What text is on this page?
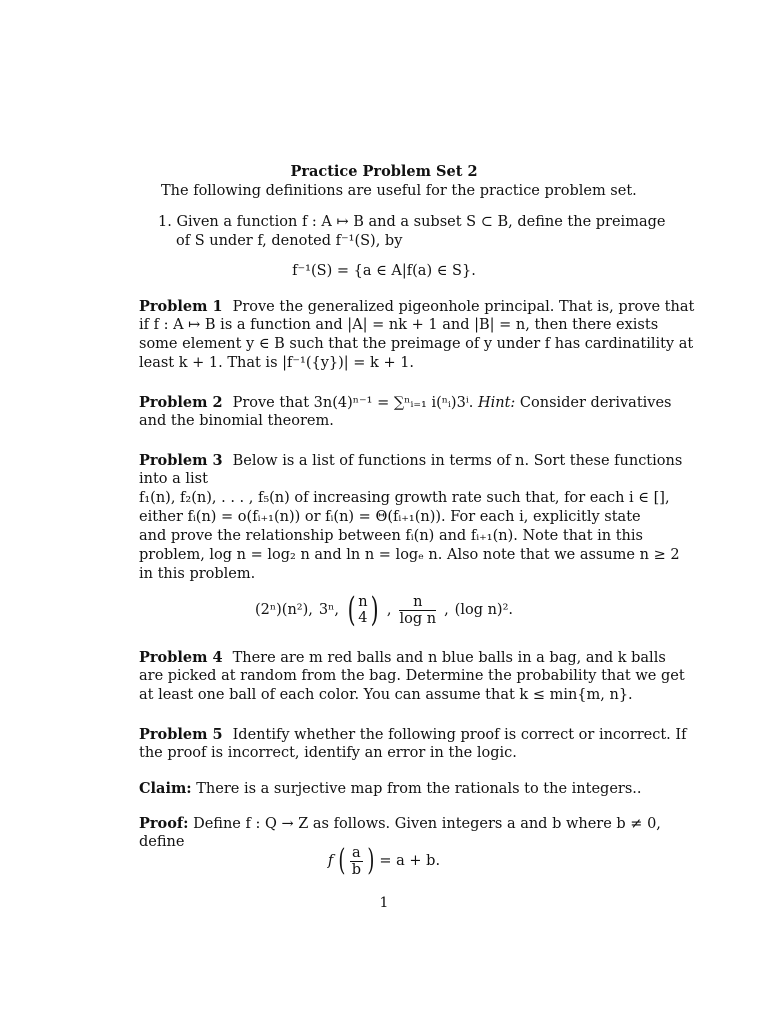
Practice Problem Set 2
The following definitions are useful for the practice problem set.
1. Given a function f : A ↦ B and a subset S ⊂ B, define the preimage
of S under f, denoted f⁻¹(S), by
f⁻¹(S) = {a ∈ A|f(a) ∈ S}.
Problem 1 Prove the generalized pigeonhole principal. That is, prove that
if f : A ↦ B is a function and |A| = nk + 1 and |B| = n, then there exists
some element y ∈ B such that the preimage of y under f has cardinatility at
least k + 1. That is |f⁻¹({y})| = k + 1.
Problem 2 Prove that 3n(4)ⁿ⁻¹ = ∑ⁿᵢ₌₁ i(ⁿᵢ)3ⁱ. Hint: Consider derivatives
and the binomial theorem.
Problem 3 Below is a list of functions in terms of n. Sort these functions
into a list
f₁(n), f₂(n), . . . , f₅(n) of increasing growth rate such that, for each i ∈ [],
either fᵢ(n) = o(fᵢ₊₁(n)) or fᵢ(n) = Θ(fᵢ₊₁(n)). For each i, explicitly state
and prove the relationship between fᵢ(n) and fᵢ₊₁(n). Note that in this
problem, log n = log₂ n and ln n = logₑ n. Also note that we assume n ≥ 2
in this problem.
(2ⁿ)(n²), 3ⁿ, ( n
4 ) , $\frac{n}{\text{log n}}$ , (log n)².
Problem 4 There are m red balls and n blue balls in a bag, and k balls
are picked at random from the bag. Determine the probability that we get
at least one ball of each color. You can assume that k ≤ min{m, n}.
Problem 5 Identify whether the following proof is correct or incorrect. If
the proof is incorrect, identify an error in the logic.
Claim: There is a surjective map from the rationals to the integers..
Proof: Define f : Q → Z as follows. Given integers a and b where b ≠ 0,
define
f ( $\frac{a}{b}$ ) = a + b.
1
